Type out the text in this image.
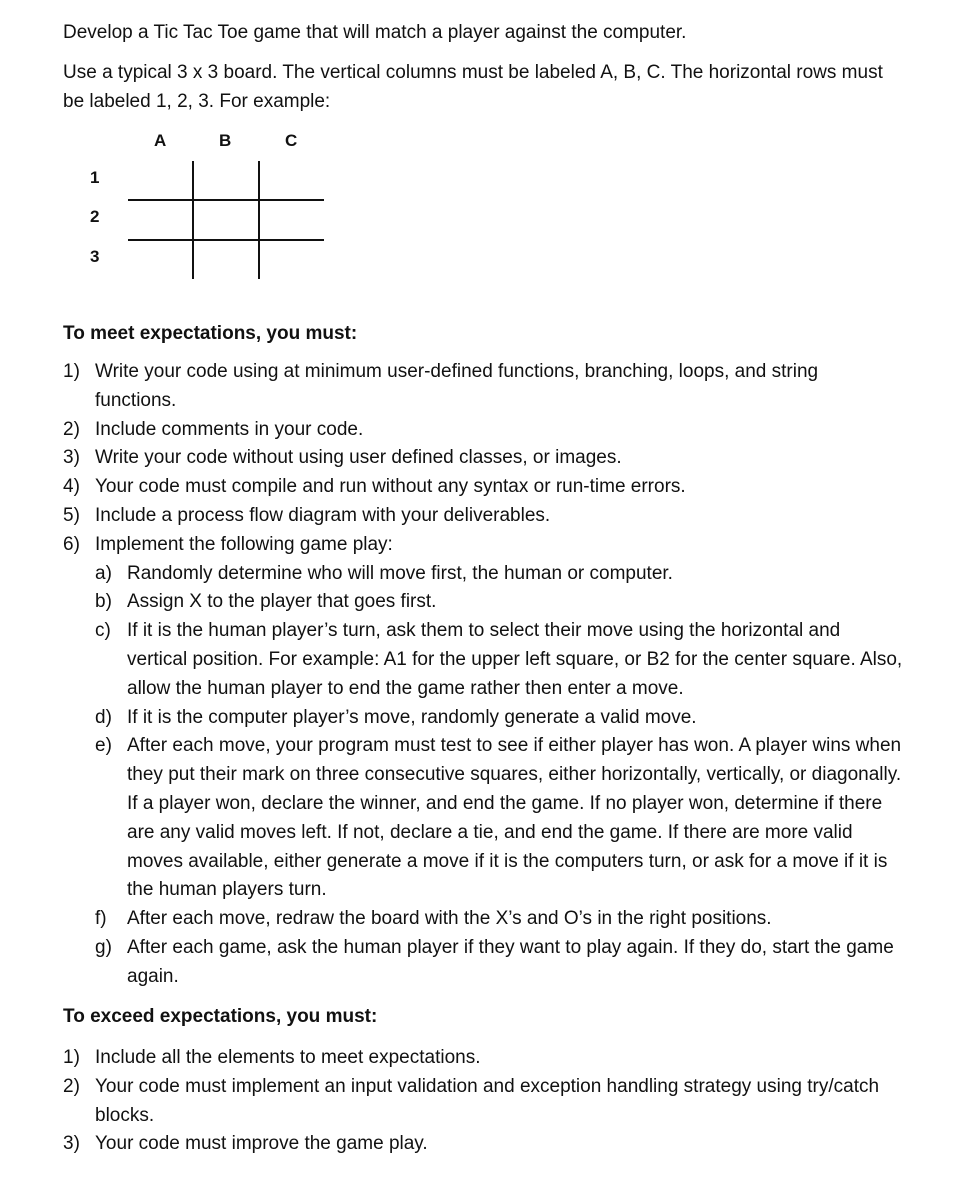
Develop a Tic Tac Toe game that will match a player against the computer.

Use a typical 3 x 3 board. The vertical columns must be labeled A, B, C. The horizontal rows must be labeled 1, 2, 3. For example:

A	B	C
1
2
3
To meet expectations, you must:
1) Write your code using at minimum user-defined functions, branching, loops, and string functions.
2) Include comments in your code.
3) Write your code without using user defined classes, or images.
4) Your code must compile and run without any syntax or run-time errors.
5) Include a process flow diagram with your deliverables.
6) Implement the following game play:
a) Randomly determine who will move first, the human or computer.
b) Assign X to the player that goes first.
c) If it is the human player’s turn, ask them to select their move using the horizontal and vertical position. For example: A1 for the upper left square, or B2 for the center square. Also, allow the human player to end the game rather then enter a move.
d) If it is the computer player’s move, randomly generate a valid move.
e) After each move, your program must test to see if either player has won. A player wins when they put their mark on three consecutive squares, either horizontally, vertically, or diagonally. If a player won, declare the winner, and end the game. If no player won, determine if there are any valid moves left. If not, declare a tie, and end the game. If there are more valid moves available, either generate a move if it is the computers turn, or ask for a move if it is the human players turn.
f) After each move, redraw the board with the X’s and O’s in the right positions.
g) After each game, ask the human player if they want to play again. If they do, start the game again.
To exceed expectations, you must:
1) Include all the elements to meet expectations.
2) Your code must implement an input validation and exception handling strategy using try/catch blocks.
3) Your code must improve the game play.
